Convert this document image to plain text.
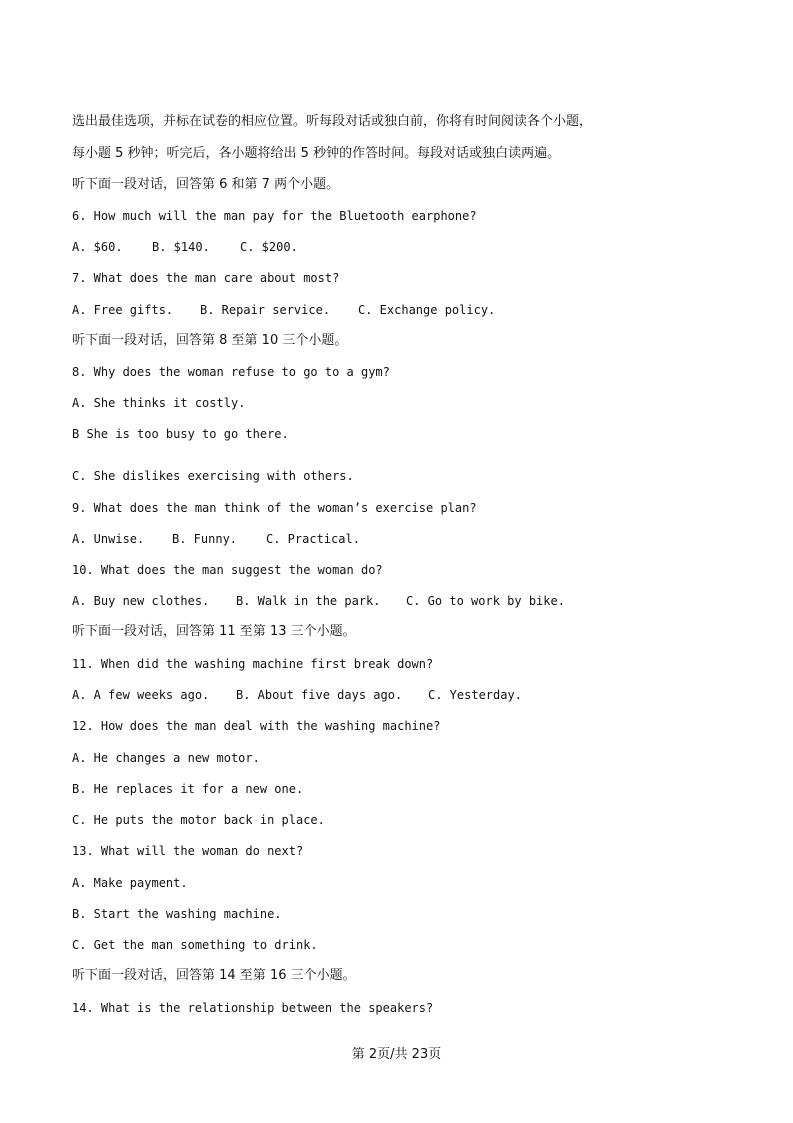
选出最佳选项，并标在试卷的相应位置。听每段对话或独白前，你将有时间阅读各个小题，
每小题 5 秒钟；听完后，各小题将给出 5 秒钟的作答时间。每段对话或独白读两遍。
听下面一段对话，回答第 6 和第 7 两个小题。
6. How much will the man pay for the Bluetooth earphone?
A. $60. B. $140.	C. $200.
7. What does the man care about most?
A. Free gifts. B. Repair service. C. Exchange policy.
听下面一段对话，回答第 8 至第 10 三个小题。
8. Why does the woman refuse to go to a gym?
A. She thinks it costly.
B She is too busy to go there.
C. She dislikes exercising with others.
9. What does the man think of the woman’s exercise plan?
A. Unwise. B. Funny. C. Practical.
10. What does the man suggest the woman do?
A. Buy new clothes. B. Walk in the park. C. Go to work by bike.
听下面一段对话，回答第 11 至第 13 三个小题。
11. When did the washing machine first break down?
A. A few weeks ago. B. About five days ago. C. Yesterday.
12. How does the man deal with the washing machine?
A. He changes a new motor.
B. He replaces it for a new one.
C. He puts the motor back in place.
13. What will the woman do next?
A. Make payment.
B. Start the washing machine.
C. Get the man something to drink.
听下面一段对话，回答第 14 至第 16 三个小题。
14. What is the relationship between the speakers?
第 2页/共 23页
